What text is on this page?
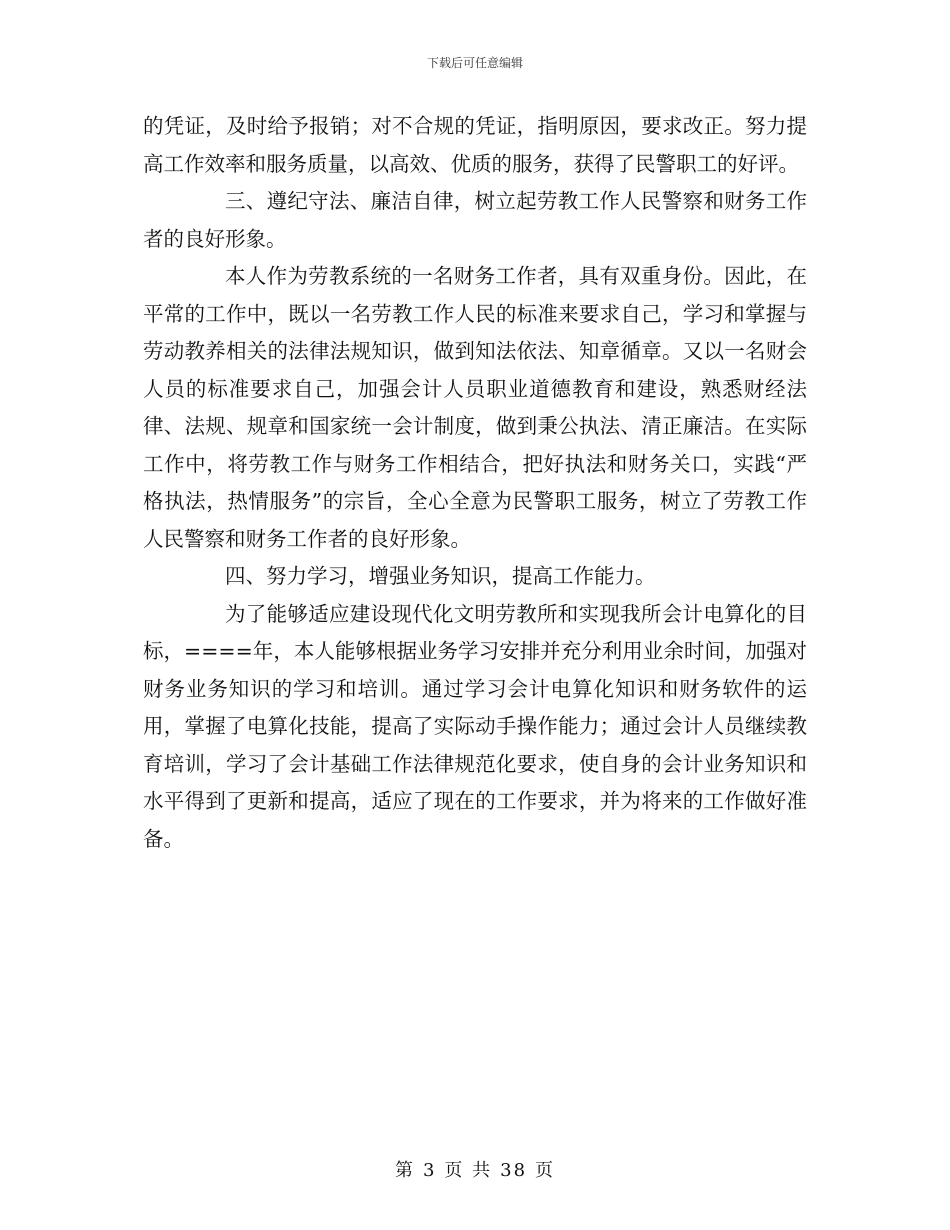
下载后可任意编辑

的凭证，及时给予报销；对不合规的凭证，指明原因，要求改正。努力提高工作效率和服务质量，以高效、优质的服务，获得了民警职工的好评。

三、遵纪守法、廉洁自律，树立起劳教工作人民警察和财务工作者的良好形象。

本人作为劳教系统的一名财务工作者，具有双重身份。因此，在平常的工作中，既以一名劳教工作人民的标准来要求自己，学习和掌握与劳动教养相关的法律法规知识，做到知法依法、知章循章。又以一名财会人员的标准要求自己，加强会计人员职业道德教育和建设，熟悉财经法律、法规、规章和国家统一会计制度，做到秉公执法、清正廉洁。在实际工作中，将劳教工作与财务工作相结合，把好执法和财务关口，实践“严格执法，热情服务”的宗旨，全心全意为民警职工服务，树立了劳教工作人民警察和财务工作者的良好形象。

四、努力学习，增强业务知识，提高工作能力。

为了能够适应建设现代化文明劳教所和实现我所会计电算化的目标，====年，本人能够根据业务学习安排并充分利用业余时间，加强对财务业务知识的学习和培训。通过学习会计电算化知识和财务软件的运用，掌握了电算化技能，提高了实际动手操作能力；通过会计人员继续教育培训，学习了会计基础工作法律规范化要求，使自身的会计业务知识和水平得到了更新和提高，适应了现在的工作要求，并为将来的工作做好准备。

第 3 页 共 38 页
